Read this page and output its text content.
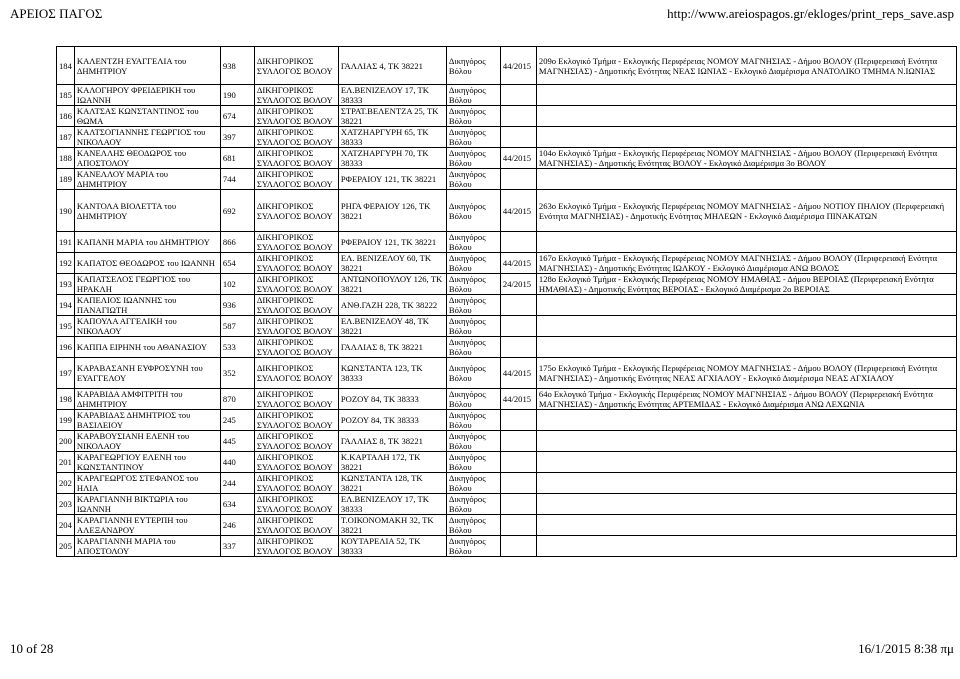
ΑΡΕΙΟΣ ΠΑΓΟΣ	http://www.areiospagos.gr/ekloges/print_reps_save.asp
184	ΚΑΛΕΝΤΖΗ ΕΥΑΓΓΕΛΙΑ του ΔΗΜΗΤΡΙΟΥ	938	ΔΙΚΗΓΟΡΙΚΟΣ ΣΥΛΛΟΓΟΣ ΒΟΛΟΥ	ΓΑΛΛΙΑΣ 4, ΤΚ 38221	Δικηγόρος Βόλου	44/2015	209ο Εκλογικό Τμήμα - Εκλογικής Περιφέρειας ΝΟΜΟΥ ΜΑΓΝΗΣΙΑΣ - Δήμου ΒΟΛΟΥ (Περιφερειακή Ενότητα ΜΑΓΝΗΣΙΑΣ) - Δημοτικής Ενότητας ΝΕΑΣ ΙΩΝΙΑΣ - Εκλογικό Διαμέρισμα ΑΝΑΤΟΛΙΚΟ ΤΜΗΜΑ Ν.ΙΩΝΙΑΣ
185	ΚΑΛΟΓΗΡΟΥ ΦΡΕΙΔΕΡΙΚΗ του ΙΩΑΝΝΗ	190	ΔΙΚΗΓΟΡΙΚΟΣ ΣΥΛΛΟΓΟΣ ΒΟΛΟΥ	ΕΛ.ΒΕΝΙΖΕΛΟΥ 17, ΤΚ 38333	Δικηγόρος Βόλου		
186	ΚΑΛΤΣΑΣ ΚΩΝΣΤΑΝΤΙΝΟΣ του ΘΩΜΑ	674	ΔΙΚΗΓΟΡΙΚΟΣ ΣΥΛΛΟΓΟΣ ΒΟΛΟΥ	ΣΤΡΑΤ.ΒΕΛΕΝΤΖΑ 25, ΤΚ 38221	Δικηγόρος Βόλου		
187	ΚΑΛΤΣΟΓΙΑΝΝΗΣ ΓΕΩΡΓΙΟΣ του ΝΙΚΟΛΑΟΥ	397	ΔΙΚΗΓΟΡΙΚΟΣ ΣΥΛΛΟΓΟΣ ΒΟΛΟΥ	ΧΑΤΖΗΑΡΓΥΡΗ 65, ΤΚ 38333	Δικηγόρος Βόλου		
188	ΚΑΝΕΛΛΗΣ ΘΕΟΔΩΡΟΣ του ΑΠΟΣΤΟΛΟΥ	681	ΔΙΚΗΓΟΡΙΚΟΣ ΣΥΛΛΟΓΟΣ ΒΟΛΟΥ	ΧΑΤΖΗΑΡΓΥΡΗ 70, ΤΚ 38333	Δικηγόρος Βόλου	44/2015	104ο Εκλογικό Τμήμα - Εκλογικής Περιφέρειας ΝΟΜΟΥ ΜΑΓΝΗΣΙΑΣ - Δήμου ΒΟΛΟΥ (Περιφερειακή Ενότητα ΜΑΓΝΗΣΙΑΣ) - Δημοτικής Ενότητας ΒΟΛΟΥ - Εκλογικό Διαμέρισμα 3ο ΒΟΛΟΥ
189	ΚΑΝΕΛΛΟΥ ΜΑΡΙΑ του ΔΗΜΗΤΡΙΟΥ	744	ΔΙΚΗΓΟΡΙΚΟΣ ΣΥΛΛΟΓΟΣ ΒΟΛΟΥ	ΡΦΕΡΑΙΟΥ 121, ΤΚ 38221	Δικηγόρος Βόλου		
190	ΚΑΝΤΟΛΑ ΒΙΟΛΕΤΤΑ του ΔΗΜΗΤΡΙΟΥ	692	ΔΙΚΗΓΟΡΙΚΟΣ ΣΥΛΛΟΓΟΣ ΒΟΛΟΥ	ΡΗΓΑ ΦΕΡΑΙΟΥ 126, ΤΚ 38221	Δικηγόρος Βόλου	44/2015	263ο Εκλογικό Τμήμα - Εκλογικής Περιφέρειας ΝΟΜΟΥ ΜΑΓΝΗΣΙΑΣ - Δήμου ΝΟΤΙΟΥ ΠΗΛΙΟΥ (Περιφερειακή Ενότητα ΜΑΓΝΗΣΙΑΣ) - Δημοτικής Ενότητας ΜΗΛΕΩΝ - Εκλογικό Διαμέρισμα ΠΙΝΑΚΑΤΩΝ
191	ΚΑΠΑΝΗ ΜΑΡΙΑ του ΔΗΜΗΤΡΙΟΥ	866	ΔΙΚΗΓΟΡΙΚΟΣ ΣΥΛΛΟΓΟΣ ΒΟΛΟΥ	ΡΦΕΡΑΙΟΥ 121, ΤΚ 38221	Δικηγόρος Βόλου		
192	ΚΑΠΑΤΟΣ ΘΕΟΔΩΡΟΣ του ΙΩΑΝΝΗ	654	ΔΙΚΗΓΟΡΙΚΟΣ ΣΥΛΛΟΓΟΣ ΒΟΛΟΥ	ΕΛ. ΒΕΝΙΖΕΛΟΥ 60, ΤΚ 38221	Δικηγόρος Βόλου	44/2015	167ο Εκλογικό Τμήμα - Εκλογικής Περιφέρειας ΝΟΜΟΥ ΜΑΓΝΗΣΙΑΣ - Δήμου ΒΟΛΟΥ (Περιφερειακή Ενότητα ΜΑΓΝΗΣΙΑΣ) - Δημοτικής Ενότητας ΙΩΛΚΟΥ - Εκλογικό Διαμέρισμα ΑΝΩ ΒΟΛΟΣ
193	ΚΑΠΑΤΣΕΛΟΣ ΓΕΩΡΓΙΟΣ του ΗΡΑΚΛΗ	102	ΔΙΚΗΓΟΡΙΚΟΣ ΣΥΛΛΟΓΟΣ ΒΟΛΟΥ	ΑΝΤΩΝΟΠΟΥΛΟΥ 126, ΤΚ 38221	Δικηγόρος Βόλου	24/2015	128ο Εκλογικό Τμήμα - Εκλογικής Περιφέρειας ΝΟΜΟΥ ΗΜΑΘΙΑΣ - Δήμου ΒΕΡΟΙΑΣ (Περιφερειακή Ενότητα ΗΜΑΘΙΑΣ) - Δημοτικής Ενότητας ΒΕΡΟΙΑΣ - Εκλογικό Διαμέρισμα 2ο ΒΕΡΟΙΑΣ
194	ΚΑΠΕΛΙΟΣ ΙΩΑΝΝΗΣ του ΠΑΝΑΓΙΩΤΗ	936	ΔΙΚΗΓΟΡΙΚΟΣ ΣΥΛΛΟΓΟΣ ΒΟΛΟΥ	ΑΝΘ.ΓΑΖΗ 228, ΤΚ 38222	Δικηγόρος Βόλου		
195	ΚΑΠΟΥΛΑ ΑΓΓΕΛΙΚΗ του ΝΙΚΟΛΑΟΥ	587	ΔΙΚΗΓΟΡΙΚΟΣ ΣΥΛΛΟΓΟΣ ΒΟΛΟΥ	ΕΛ.ΒΕΝΙΖΕΛΟΥ 48, ΤΚ 38221	Δικηγόρος Βόλου		
196	ΚΑΠΠΑ ΕΙΡΗΝΗ του ΑΘΑΝΑΣΙΟΥ	533	ΔΙΚΗΓΟΡΙΚΟΣ ΣΥΛΛΟΓΟΣ ΒΟΛΟΥ	ΓΑΛΛΙΑΣ 8, ΤΚ 38221	Δικηγόρος Βόλου		
197	ΚΑΡΑΒΑΣΑΝΗ ΕΥΦΡΟΣΥΝΗ του ΕΥΑΓΓΕΛΟΥ	352	ΔΙΚΗΓΟΡΙΚΟΣ ΣΥΛΛΟΓΟΣ ΒΟΛΟΥ	ΚΩΝΣΤΑΝΤΑ 123, ΤΚ 38333	Δικηγόρος Βόλου	44/2015	175ο Εκλογικό Τμήμα - Εκλογικής Περιφέρειας ΝΟΜΟΥ ΜΑΓΝΗΣΙΑΣ - Δήμου ΒΟΛΟΥ (Περιφερειακή Ενότητα ΜΑΓΝΗΣΙΑΣ) - Δημοτικής Ενότητας ΝΕΑΣ ΑΓΧΙΑΛΟΥ - Εκλογικό Διαμέρισμα ΝΕΑΣ ΑΓΧΙΑΛΟΥ
198	ΚΑΡΑΒΙΔΑ ΑΜΦΙΤΡΙΤΗ του ΔΗΜΗΤΡΙΟΥ	870	ΔΙΚΗΓΟΡΙΚΟΣ ΣΥΛΛΟΓΟΣ ΒΟΛΟΥ	ΡΟΖΟΥ 84, ΤΚ 38333	Δικηγόρος Βόλου	44/2015	64ο Εκλογικό Τμήμα - Εκλογικής Περιφέρειας ΝΟΜΟΥ ΜΑΓΝΗΣΙΑΣ - Δήμου ΒΟΛΟΥ (Περιφερειακή Ενότητα ΜΑΓΝΗΣΙΑΣ) - Δημοτικής Ενότητας ΑΡΤΕΜΙΔΑΣ - Εκλογικό Διαμέρισμα ΑΝΩ ΛΕΧΩΝΙΑ
199	ΚΑΡΑΒΙΔΑΣ ΔΗΜΗΤΡΙΟΣ του ΒΑΣΙΛΕΙΟΥ	245	ΔΙΚΗΓΟΡΙΚΟΣ ΣΥΛΛΟΓΟΣ ΒΟΛΟΥ	ΡΟΖΟΥ 84, ΤΚ 38333	Δικηγόρος Βόλου		
200	ΚΑΡΑΒΟΥΣΙΑΝΗ ΕΛΕΝΗ του ΝΙΚΟΛΑΟΥ	445	ΔΙΚΗΓΟΡΙΚΟΣ ΣΥΛΛΟΓΟΣ ΒΟΛΟΥ	ΓΑΛΛΙΑΣ 8, ΤΚ 38221	Δικηγόρος Βόλου		
201	ΚΑΡΑΓΕΩΡΓΙΟΥ ΕΛΕΝΗ του ΚΩΝΣΤΑΝΤΙΝΟΥ	440	ΔΙΚΗΓΟΡΙΚΟΣ ΣΥΛΛΟΓΟΣ ΒΟΛΟΥ	Κ.ΚΑΡΤΑΛΗ 172, ΤΚ 38221	Δικηγόρος Βόλου		
202	ΚΑΡΑΓΕΩΡΓΟΣ ΣΤΕΦΑΝΟΣ του ΗΛΙΑ	244	ΔΙΚΗΓΟΡΙΚΟΣ ΣΥΛΛΟΓΟΣ ΒΟΛΟΥ	ΚΩΝΣΤΑΝΤΑ 128, ΤΚ 38221	Δικηγόρος Βόλου		
203	ΚΑΡΑΓΙΑΝΝΗ ΒΙΚΤΩΡΙΑ του ΙΩΑΝΝΗ	634	ΔΙΚΗΓΟΡΙΚΟΣ ΣΥΛΛΟΓΟΣ ΒΟΛΟΥ	ΕΛ.ΒΕΝΙΖΕΛΟΥ 17, ΤΚ 38333	Δικηγόρος Βόλου		
204	ΚΑΡΑΓΙΑΝΝΗ ΕΥΤΕΡΠΗ του ΑΛΕΞΑΝΔΡΟΥ	246	ΔΙΚΗΓΟΡΙΚΟΣ ΣΥΛΛΟΓΟΣ ΒΟΛΟΥ	Τ.ΟΙΚΟΝΟΜΑΚΗ 32, ΤΚ 38221	Δικηγόρος Βόλου		
205	ΚΑΡΑΓΙΑΝΝΗ ΜΑΡΙΑ του ΑΠΟΣΤΟΛΟΥ	337	ΔΙΚΗΓΟΡΙΚΟΣ ΣΥΛΛΟΓΟΣ ΒΟΛΟΥ	ΚΟΥΤΑΡΕΛΙΑ 52, ΤΚ 38333	Δικηγόρος Βόλου		
10 of 28	16/1/2015 8:38 πμ
